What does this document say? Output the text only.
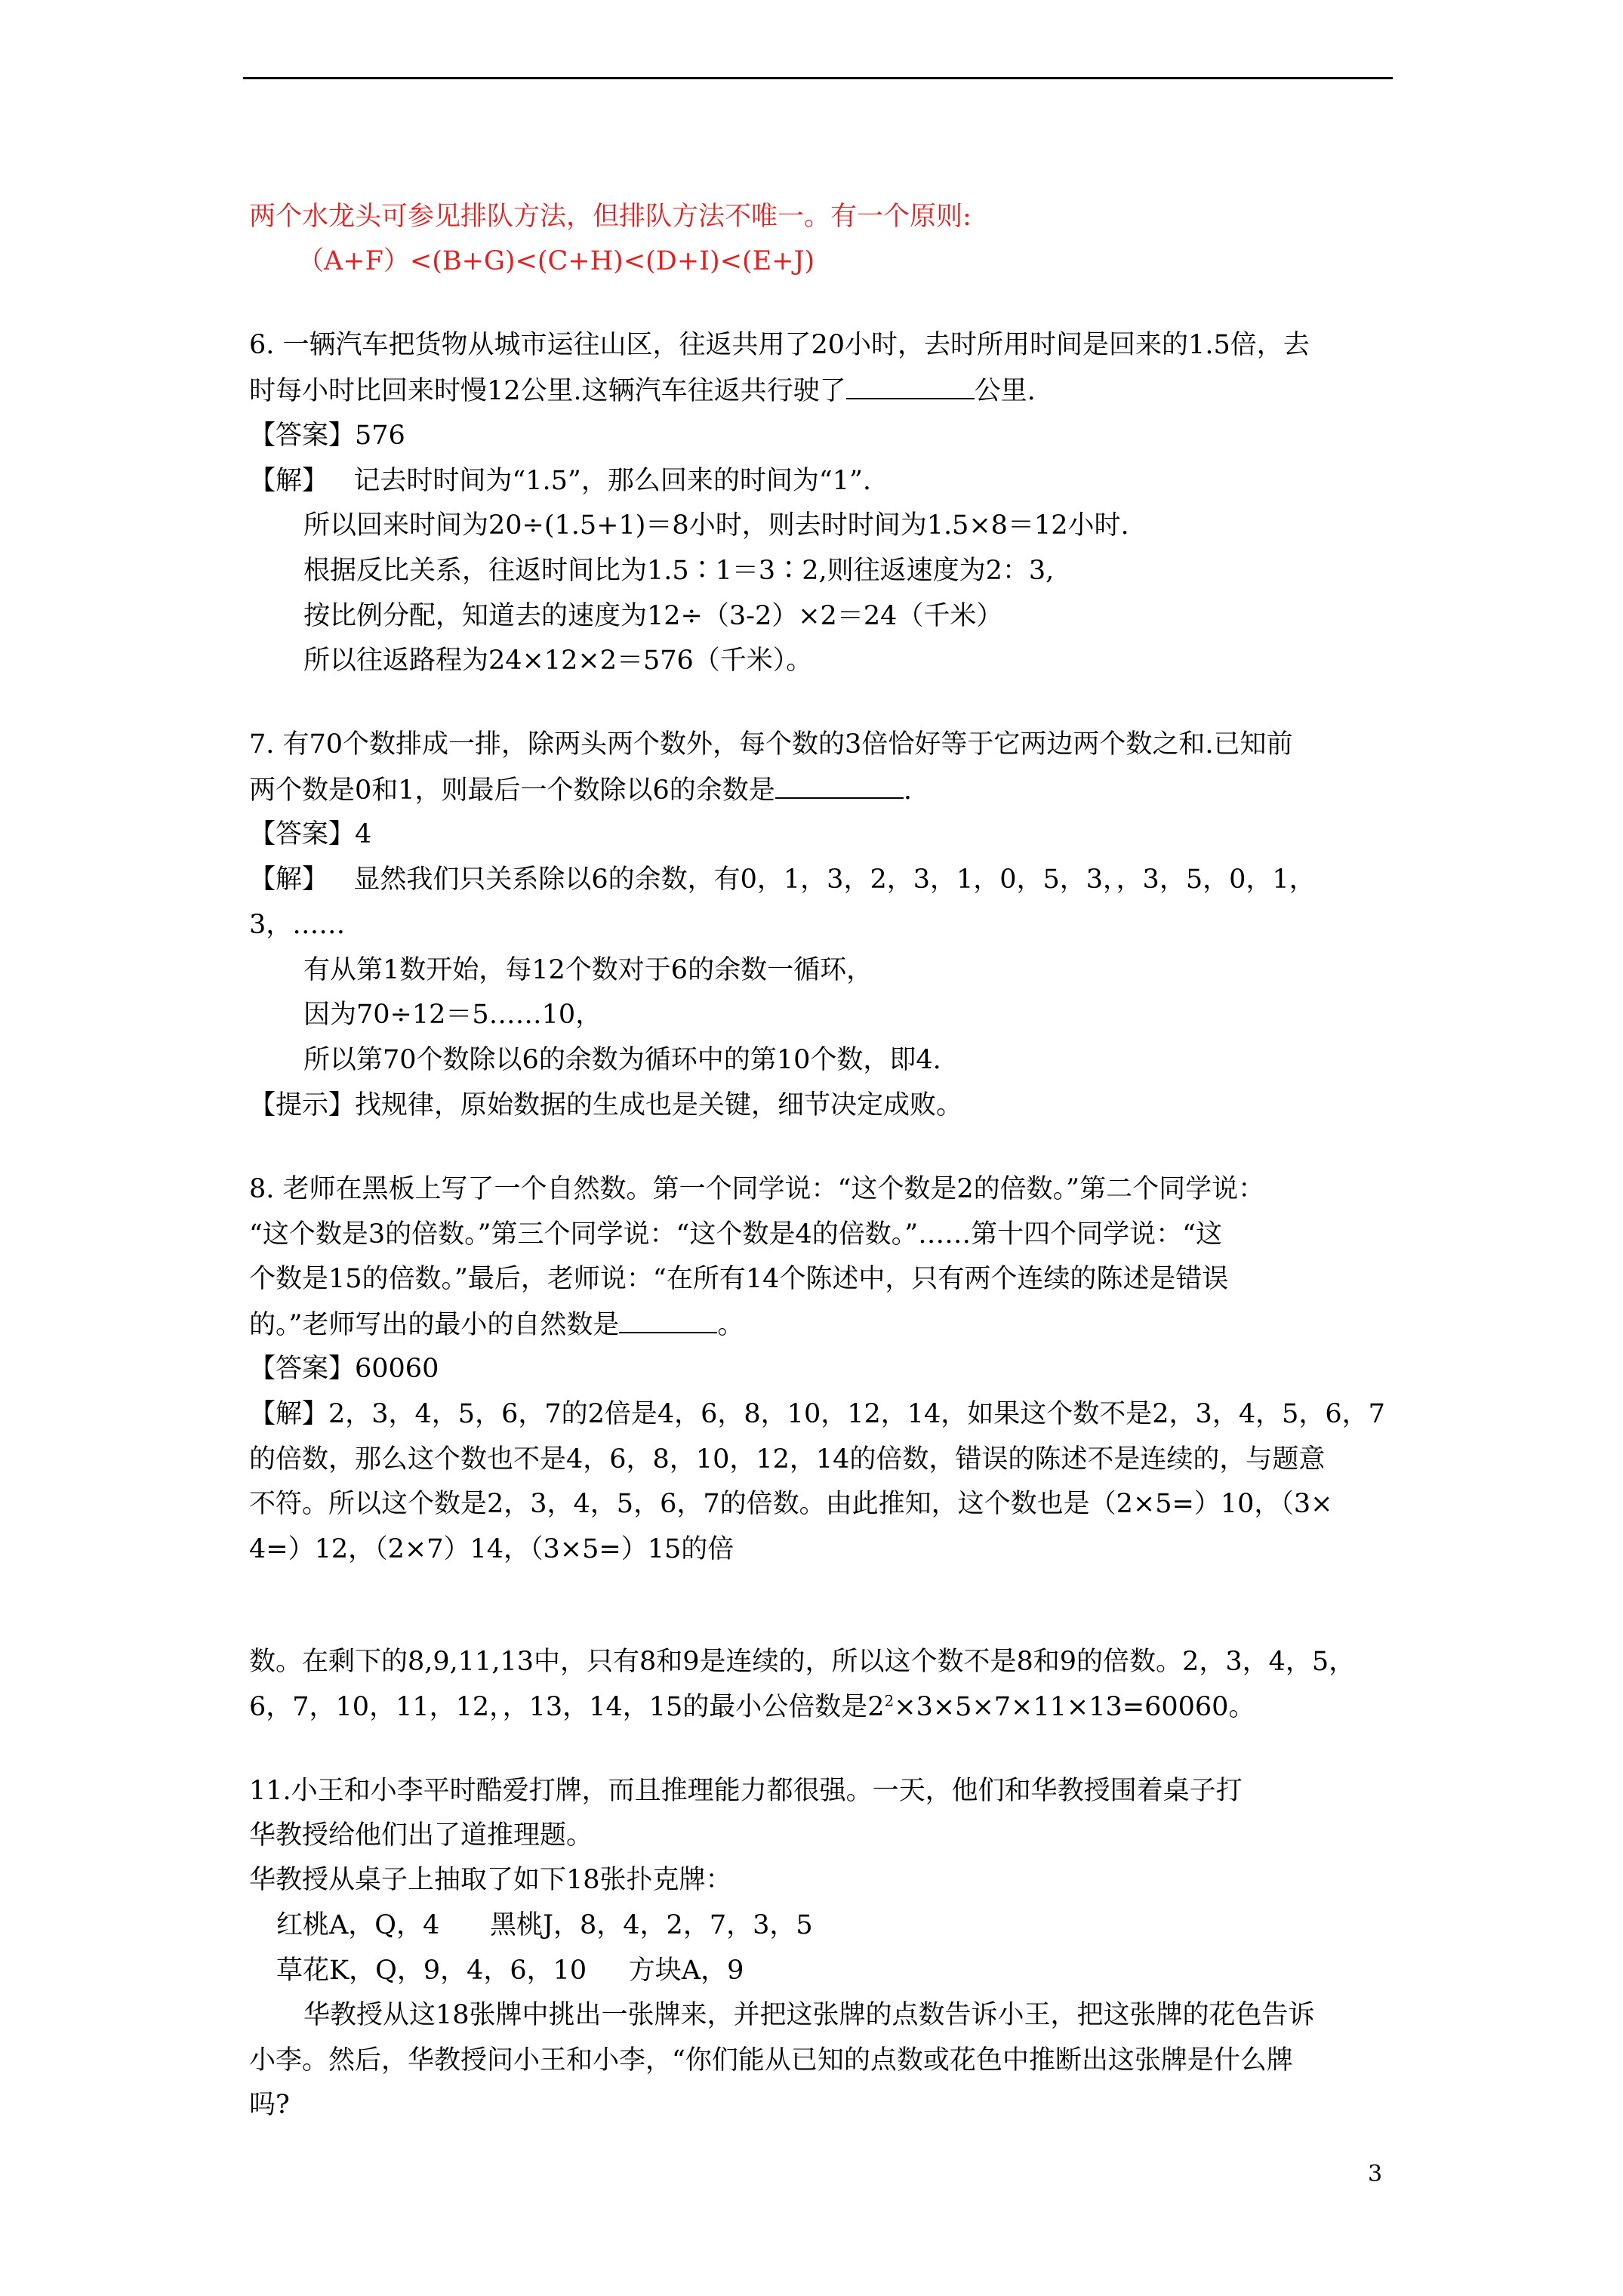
两个水龙头可参见排队方法，但排队方法不唯一。有一个原则:
（A+F）<(B+G)<(C+H)<(D+I)<(E+J)
6. 一辆汽车把货物从城市运往山区，往返共用了20小时，去时所用时间是回来的1.5倍，去
时每小时比回来时慢12公里.这辆汽车往返共行驶了	公里.
【答案】576
【解】   记去时时间为“1.5”，那么回来的时间为“1”.
所以回来时间为20÷(1.5+1)＝8小时，则去时时间为1.5×8＝12小时.
根据反比关系，往返时间比为1.5∶1＝3∶2,则往返速度为2：3,
按比例分配，知道去的速度为12÷（3-2）×2＝24（千米）
所以往返路程为24×12×2＝576（千米）。
7. 有70个数排成一排，除两头两个数外，每个数的3倍恰好等于它两边两个数之和.已知前
两个数是0和1，则最后一个数除以6的余数是	.
【答案】4
【解】   显然我们只关系除以6的余数，有0，1，3，2，3，1，0，5，3，，3，5，0，1，
3，……
有从第1数开始，每12个数对于6的余数一循环，
因为70÷12＝5……10，
所以第70个数除以6的余数为循环中的第10个数，即4.
【提示】找规律，原始数据的生成也是关键，细节决定成败。
8. 老师在黑板上写了一个自然数。第一个同学说：“这个数是2的倍数。”第二个同学说：
“这个数是3的倍数。”第三个同学说：“这个数是4的倍数。”……第十四个同学说：“这
个数是15的倍数。”最后，老师说：“在所有14个陈述中，只有两个连续的陈述是错误
的。”老师写出的最小的自然数是	。
【答案】60060
【解】2，3，4，5，6，7的2倍是4，6，8，10，12，14，如果这个数不是2，3，4，5，6，7
的倍数，那么这个数也不是4，6，8，10，12，14的倍数，错误的陈述不是连续的，与题意
不符。所以这个数是2，3，4，5，6，7的倍数。由此推知，这个数也是（2×5=）10，（3×
4=）12，（2×7）14，（3×5=）15的倍
数。在剩下的8,9,11,13中，只有8和9是连续的，所以这个数不是8和9的倍数。2，3，4，5，
6，7，10，11，12，，13，14，15的最小公倍数是$2^2\times 3\times 5\times 7\times 11\times 13=60060$。
11.小王和小李平时酷爱打牌，而且推理能力都很强。一天，他们和华教授围着桌子打
华教授给他们出了道推理题。
华教授从桌子上抽取了如下18张扑克牌：
红桃A，Q，4      黑桃J，8，4，2，7，3，5
草花K，Q，9，4，6，10     方块A，9
华教授从这18张牌中挑出一张牌来，并把这张牌的点数告诉小王，把这张牌的花色告诉
小李。然后，华教授问小王和小李，“你们能从已知的点数或花色中推断出这张牌是什么牌
吗?
3
